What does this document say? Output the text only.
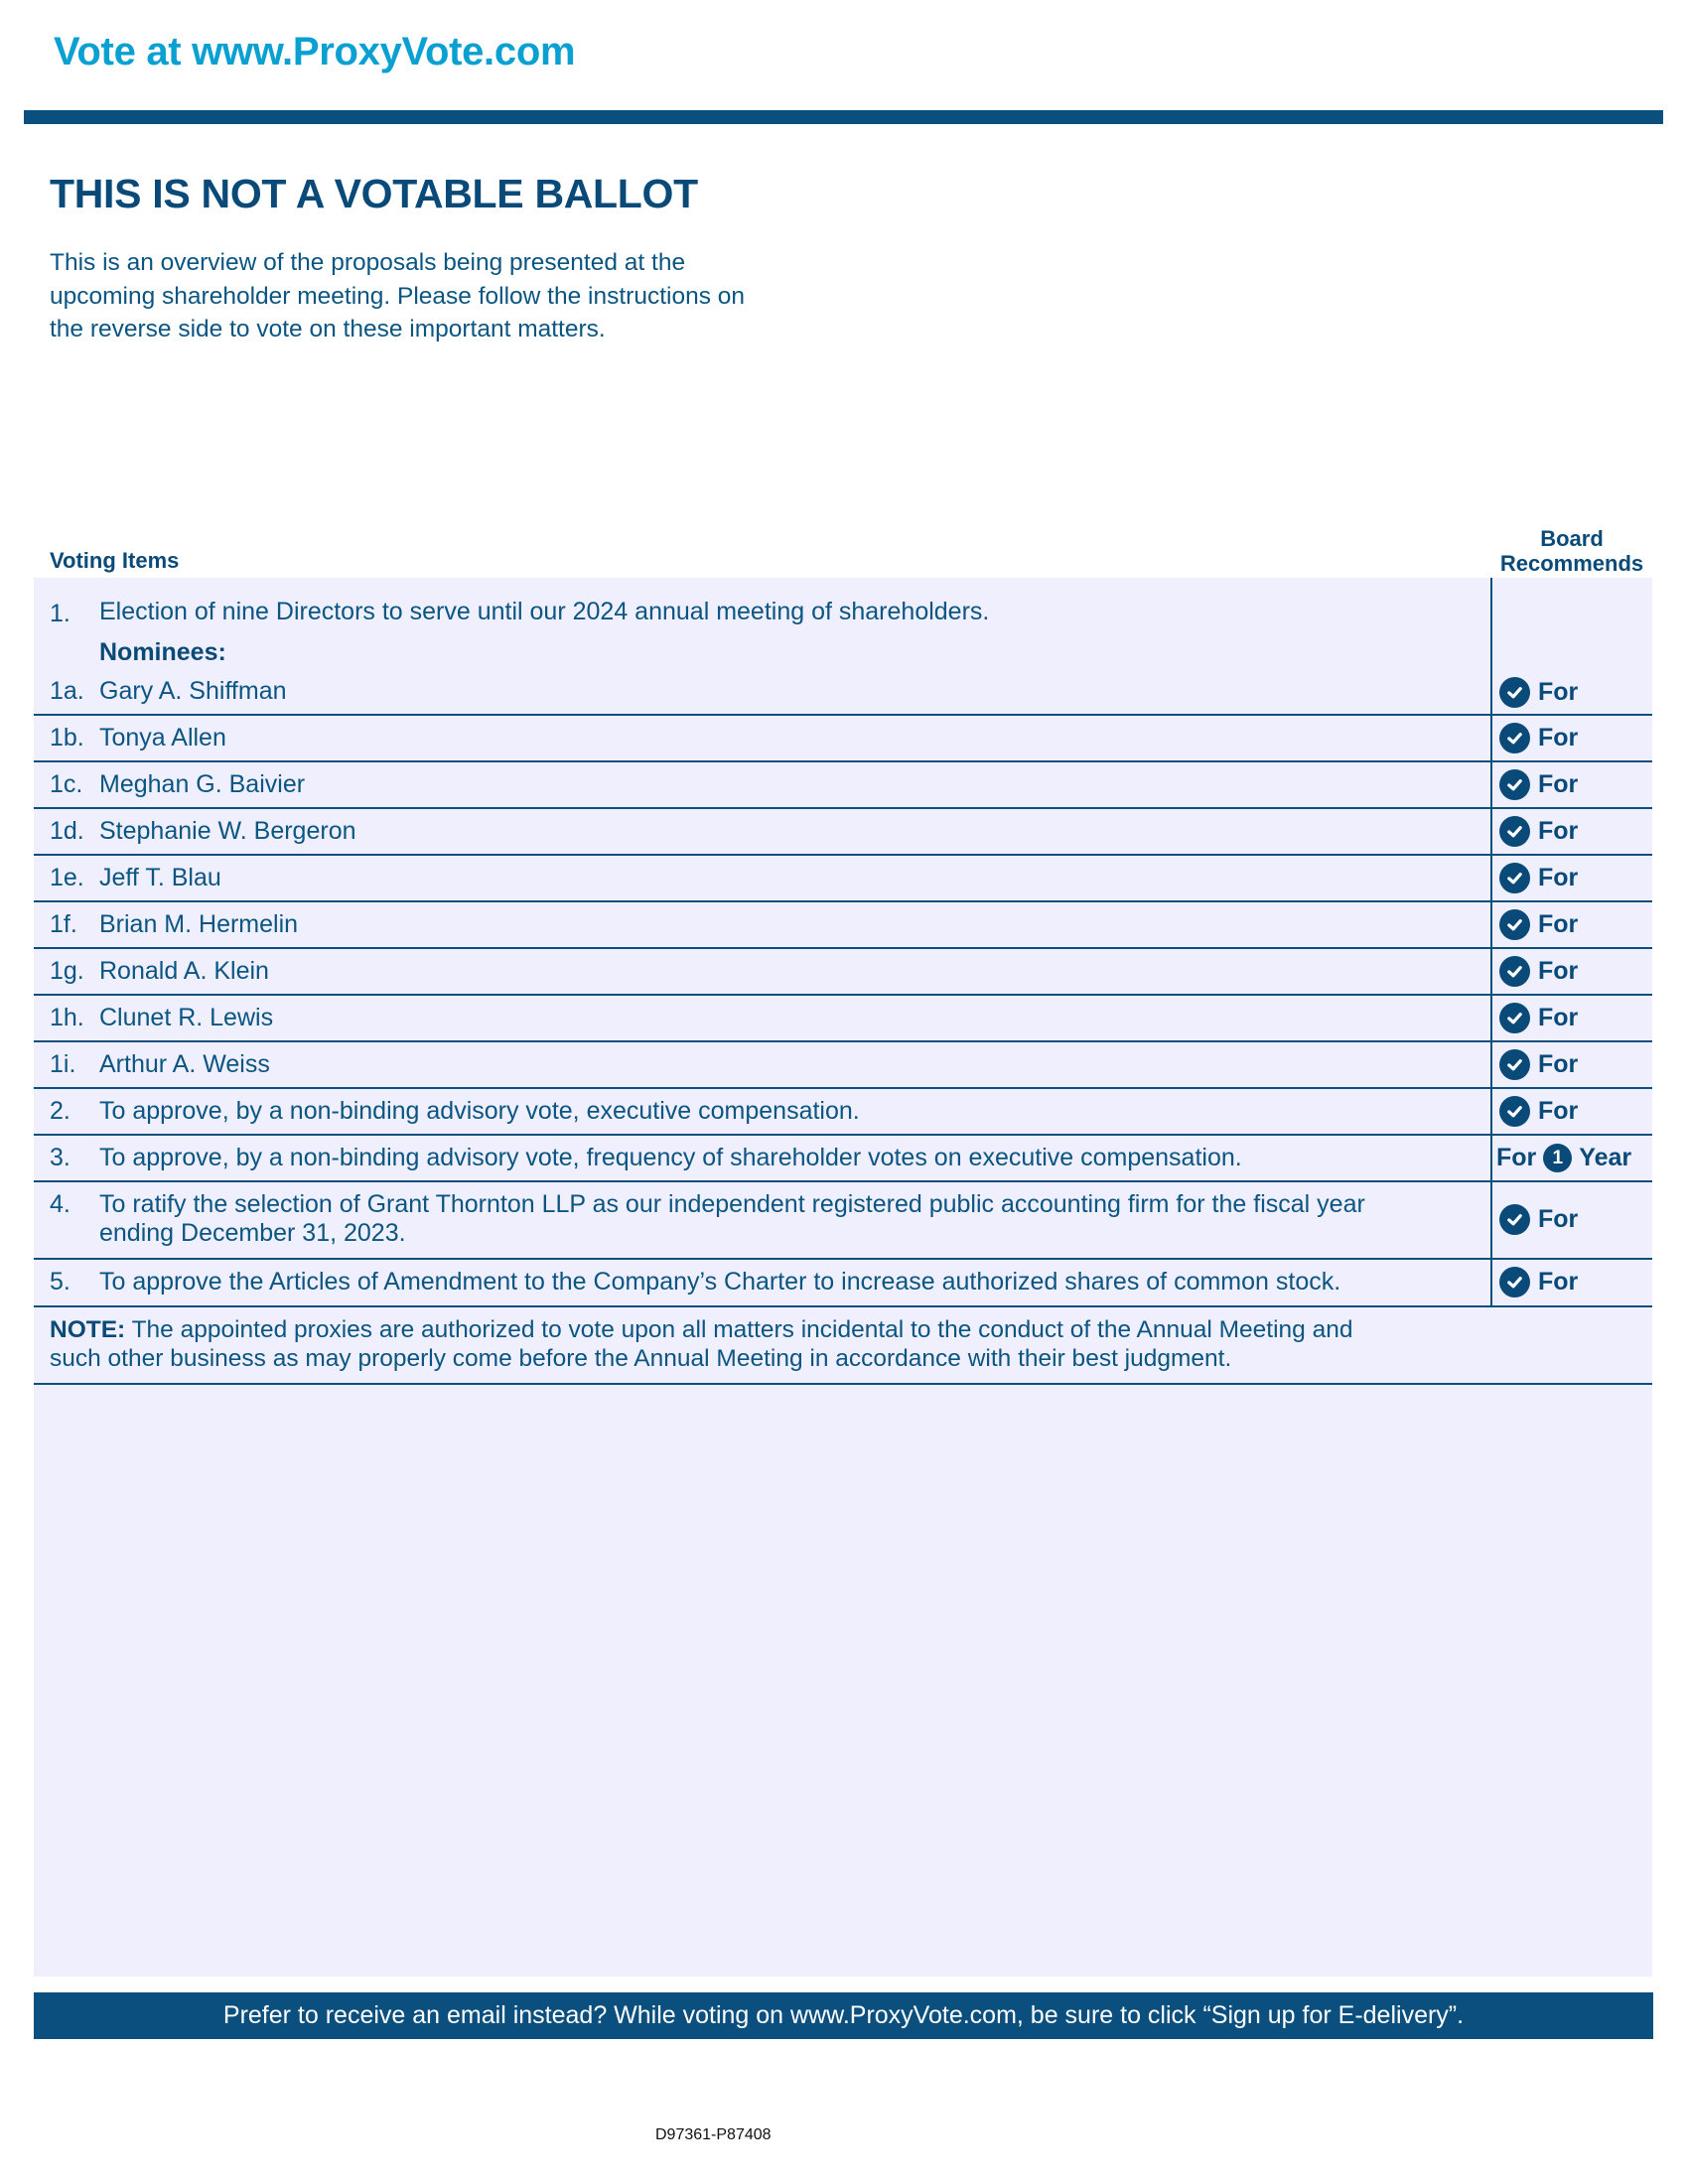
Vote at www.ProxyVote.com
THIS IS NOT A VOTABLE BALLOT
This is an overview of the proposals being presented at the
upcoming shareholder meeting. Please follow the instructions on
the reverse side to vote on these important matters.
Voting Items
Board
Recommends
1. Election of nine Directors to serve until our 2024 annual meeting of shareholders.
Nominees:
1a. Gary A. Shiffman	For
1b. Tonya Allen	For
1c. Meghan G. Baivier	For
1d. Stephanie W. Bergeron	For
1e. Jeff T. Blau	For
1f. Brian M. Hermelin	For
1g. Ronald A. Klein	For
1h. Clunet R. Lewis	For
1i. Arthur A. Weiss	For
2. To approve, by a non-binding advisory vote, executive compensation.	For
3. To approve, by a non-binding advisory vote, frequency of shareholder votes on executive compensation.	For 1 Year
4. To ratify the selection of Grant Thornton LLP as our independent registered public accounting firm for the fiscal year
ending December 31, 2023.	For
5. To approve the Articles of Amendment to the Company’s Charter to increase authorized shares of common stock.	For
NOTE: The appointed proxies are authorized to vote upon all matters incidental to the conduct of the Annual Meeting and
such other business as may properly come before the Annual Meeting in accordance with their best judgment.
Prefer to receive an email instead? While voting on www.ProxyVote.com, be sure to click “Sign up for E-delivery”.
D97361-P87408
